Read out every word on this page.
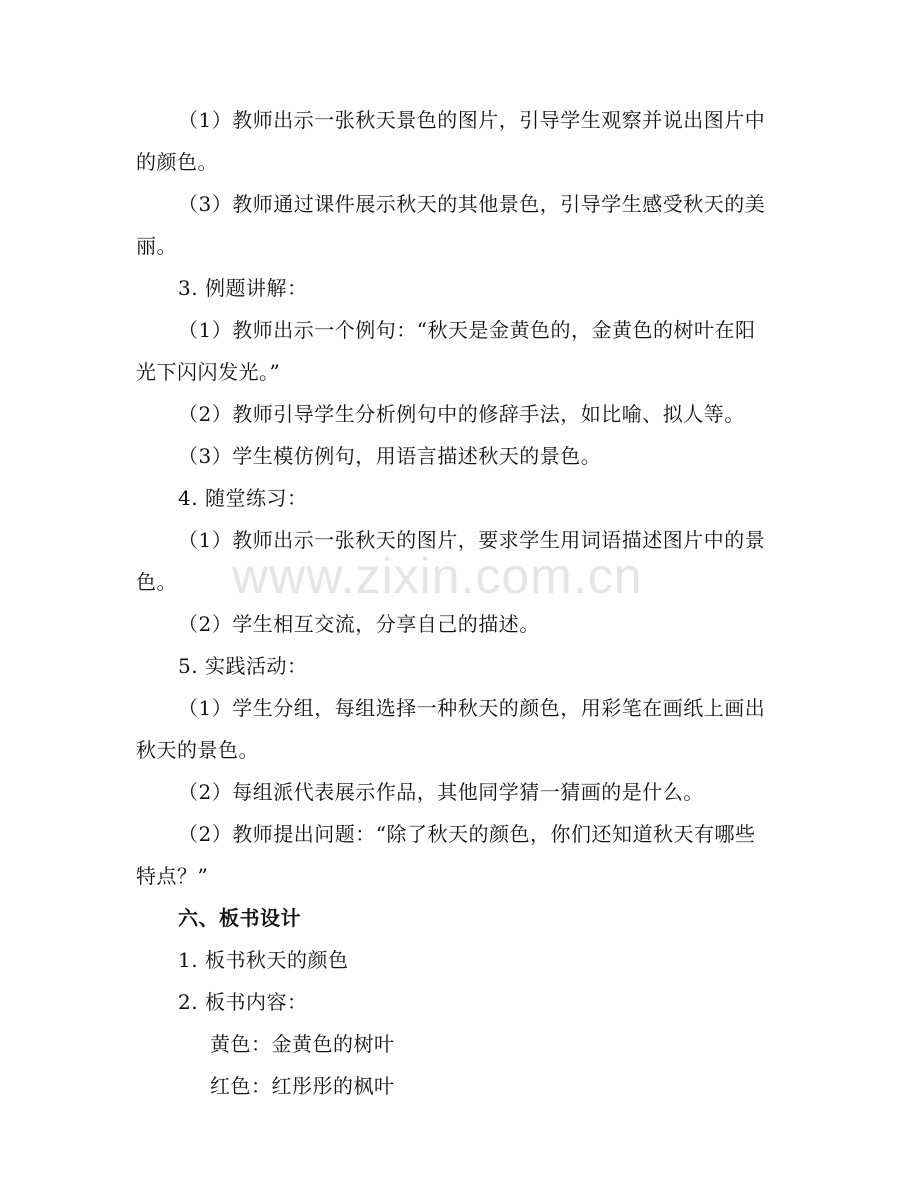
www.zixin.com.cn
（1）教师出示一张秋天景色的图片，引导学生观察并说出图片中
的颜色。
（3）教师通过课件展示秋天的其他景色，引导学生感受秋天的美
丽。
3. 例题讲解：
（1）教师出示一个例句：“秋天是金黄色的，金黄色的树叶在阳
光下闪闪发光。”
（2）教师引导学生分析例句中的修辞手法，如比喻、拟人等。
（3）学生模仿例句，用语言描述秋天的景色。
4. 随堂练习：
（1）教师出示一张秋天的图片，要求学生用词语描述图片中的景
色。
（2）学生相互交流，分享自己的描述。
5. 实践活动：
（1）学生分组，每组选择一种秋天的颜色，用彩笔在画纸上画出
秋天的景色。
（2）每组派代表展示作品，其他同学猜一猜画的是什么。
（2）教师提出问题：“除了秋天的颜色，你们还知道秋天有哪些
特点？”
六、板书设计
1. 板书秋天的颜色
2. 板书内容：
黄色：金黄色的树叶
红色：红彤彤的枫叶
